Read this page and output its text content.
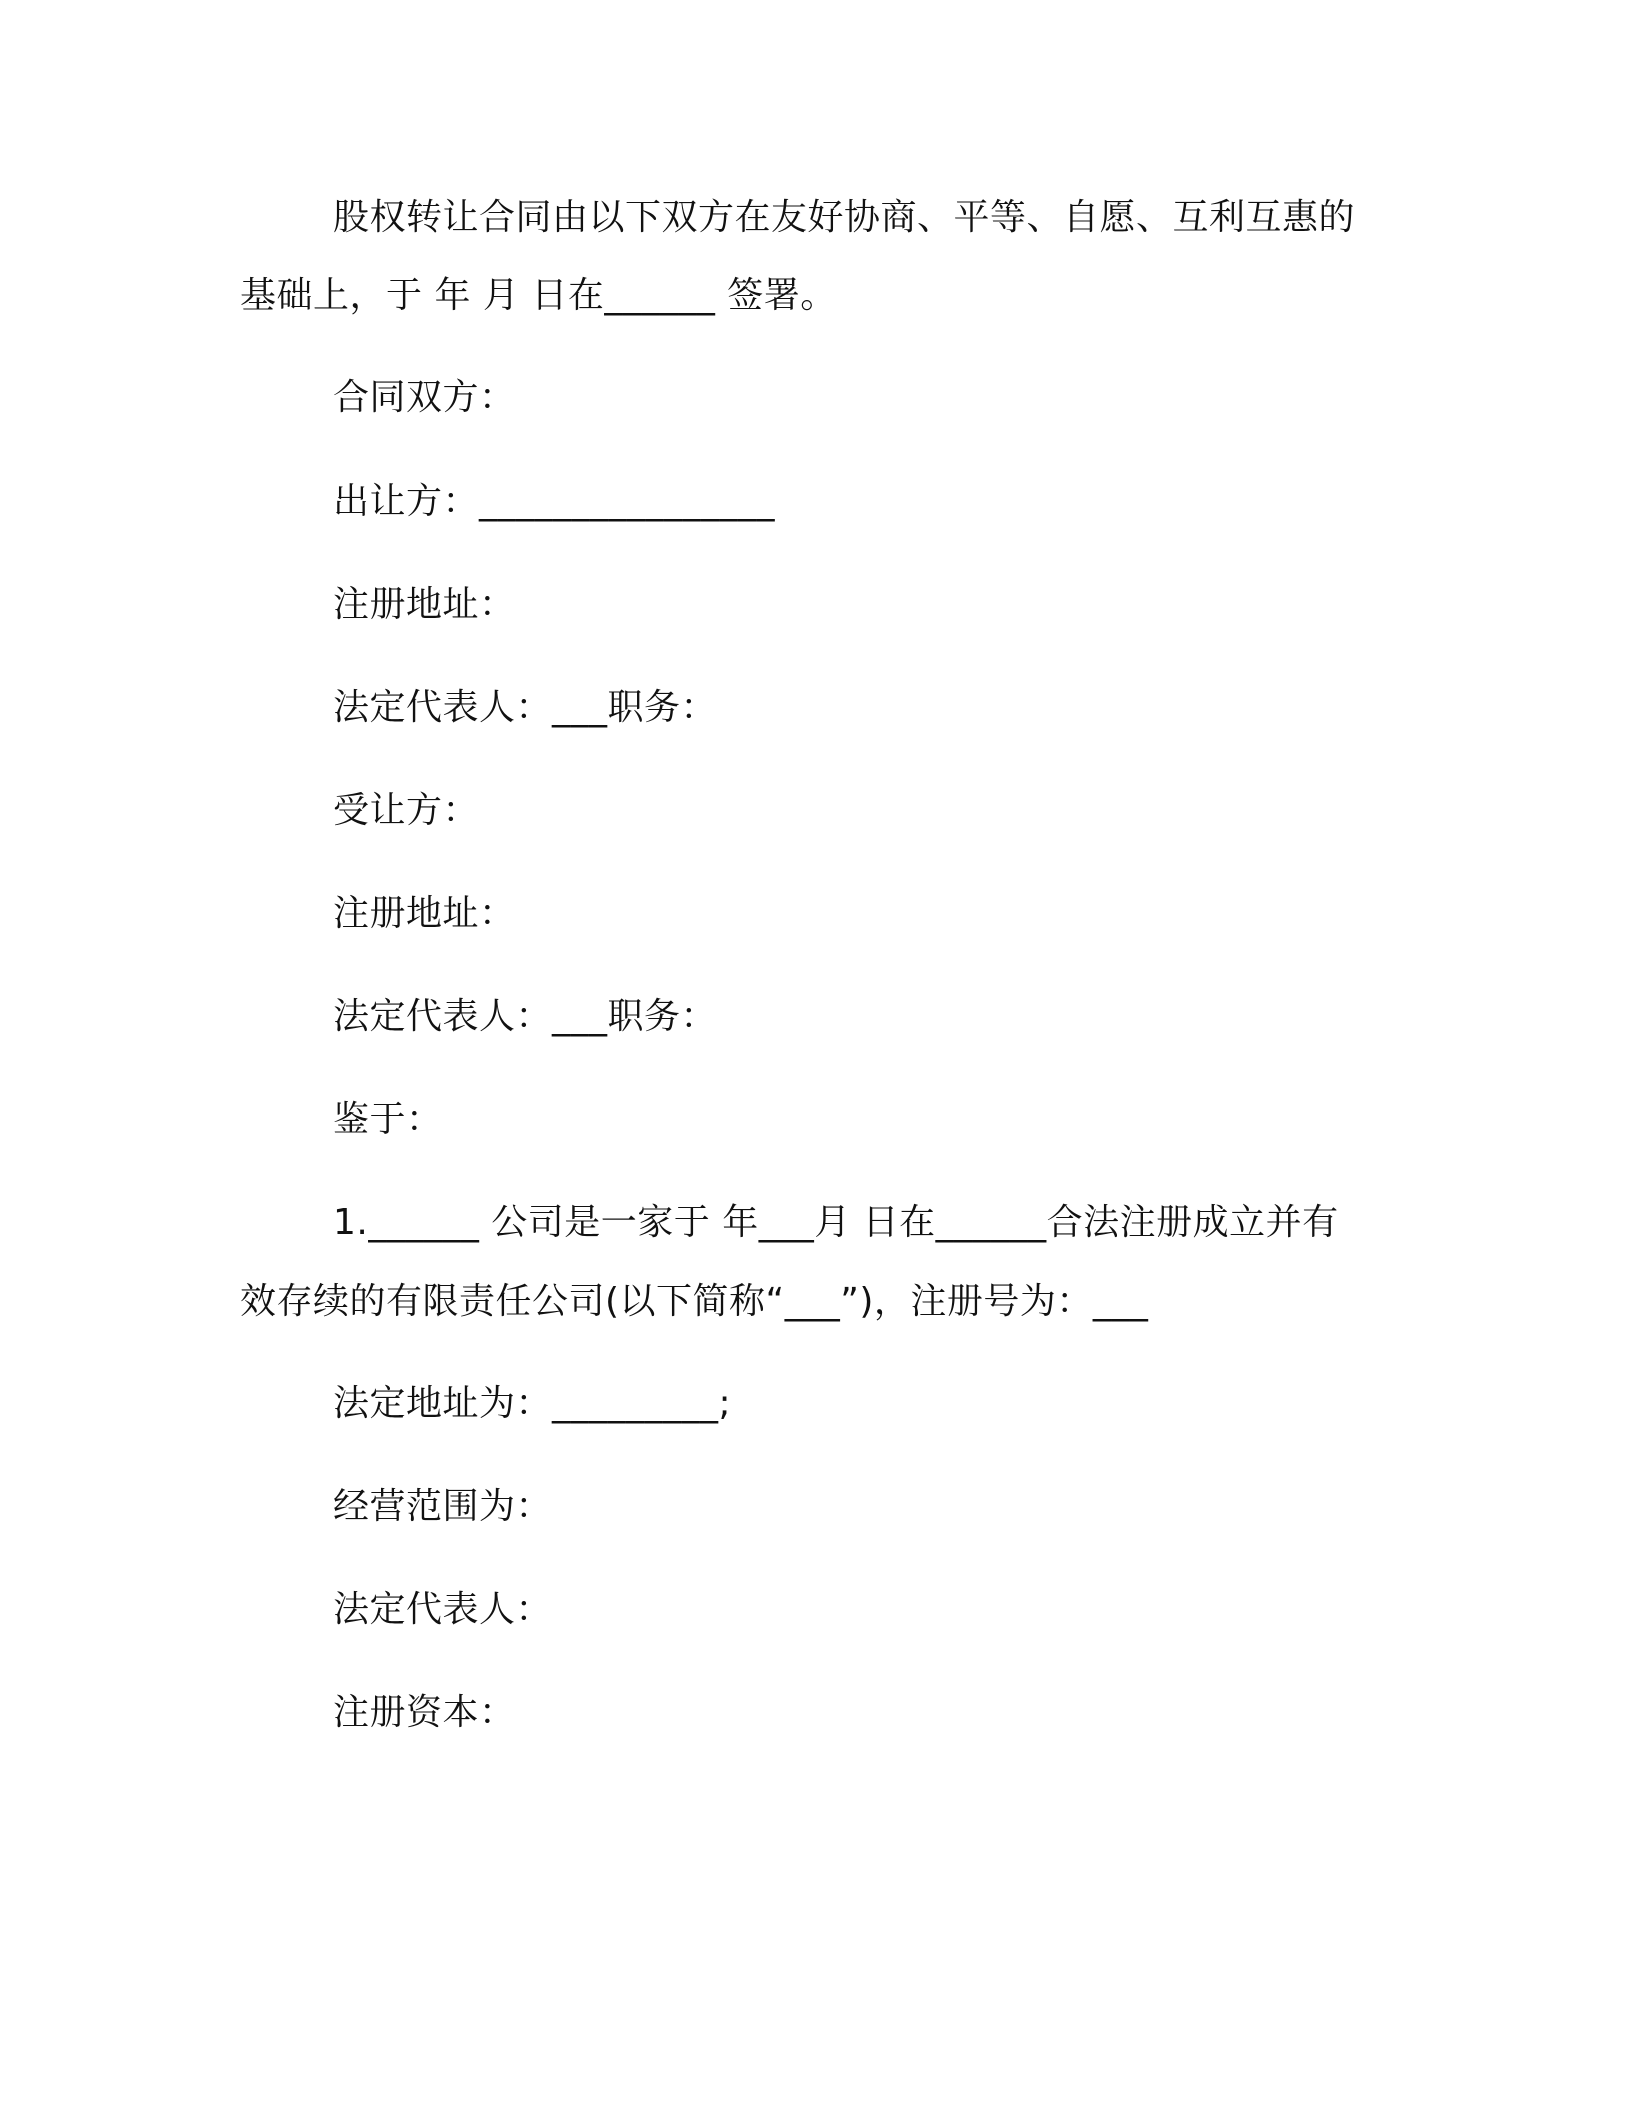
股权转让合同由以下双方在友好协商、平等、自愿、互利互惠的
基础上，于 年 月 日在______ 签署。
合同双方：
出让方：________________
注册地址：
法定代表人：___职务：
受让方：
注册地址：
法定代表人：___职务：
鉴于：
1.______ 公司是一家于 年___月 日在______合法注册成立并有
效存续的有限责任公司(以下简称“___”)，注册号为：___
法定地址为：_________;
经营范围为：
法定代表人：
注册资本：
